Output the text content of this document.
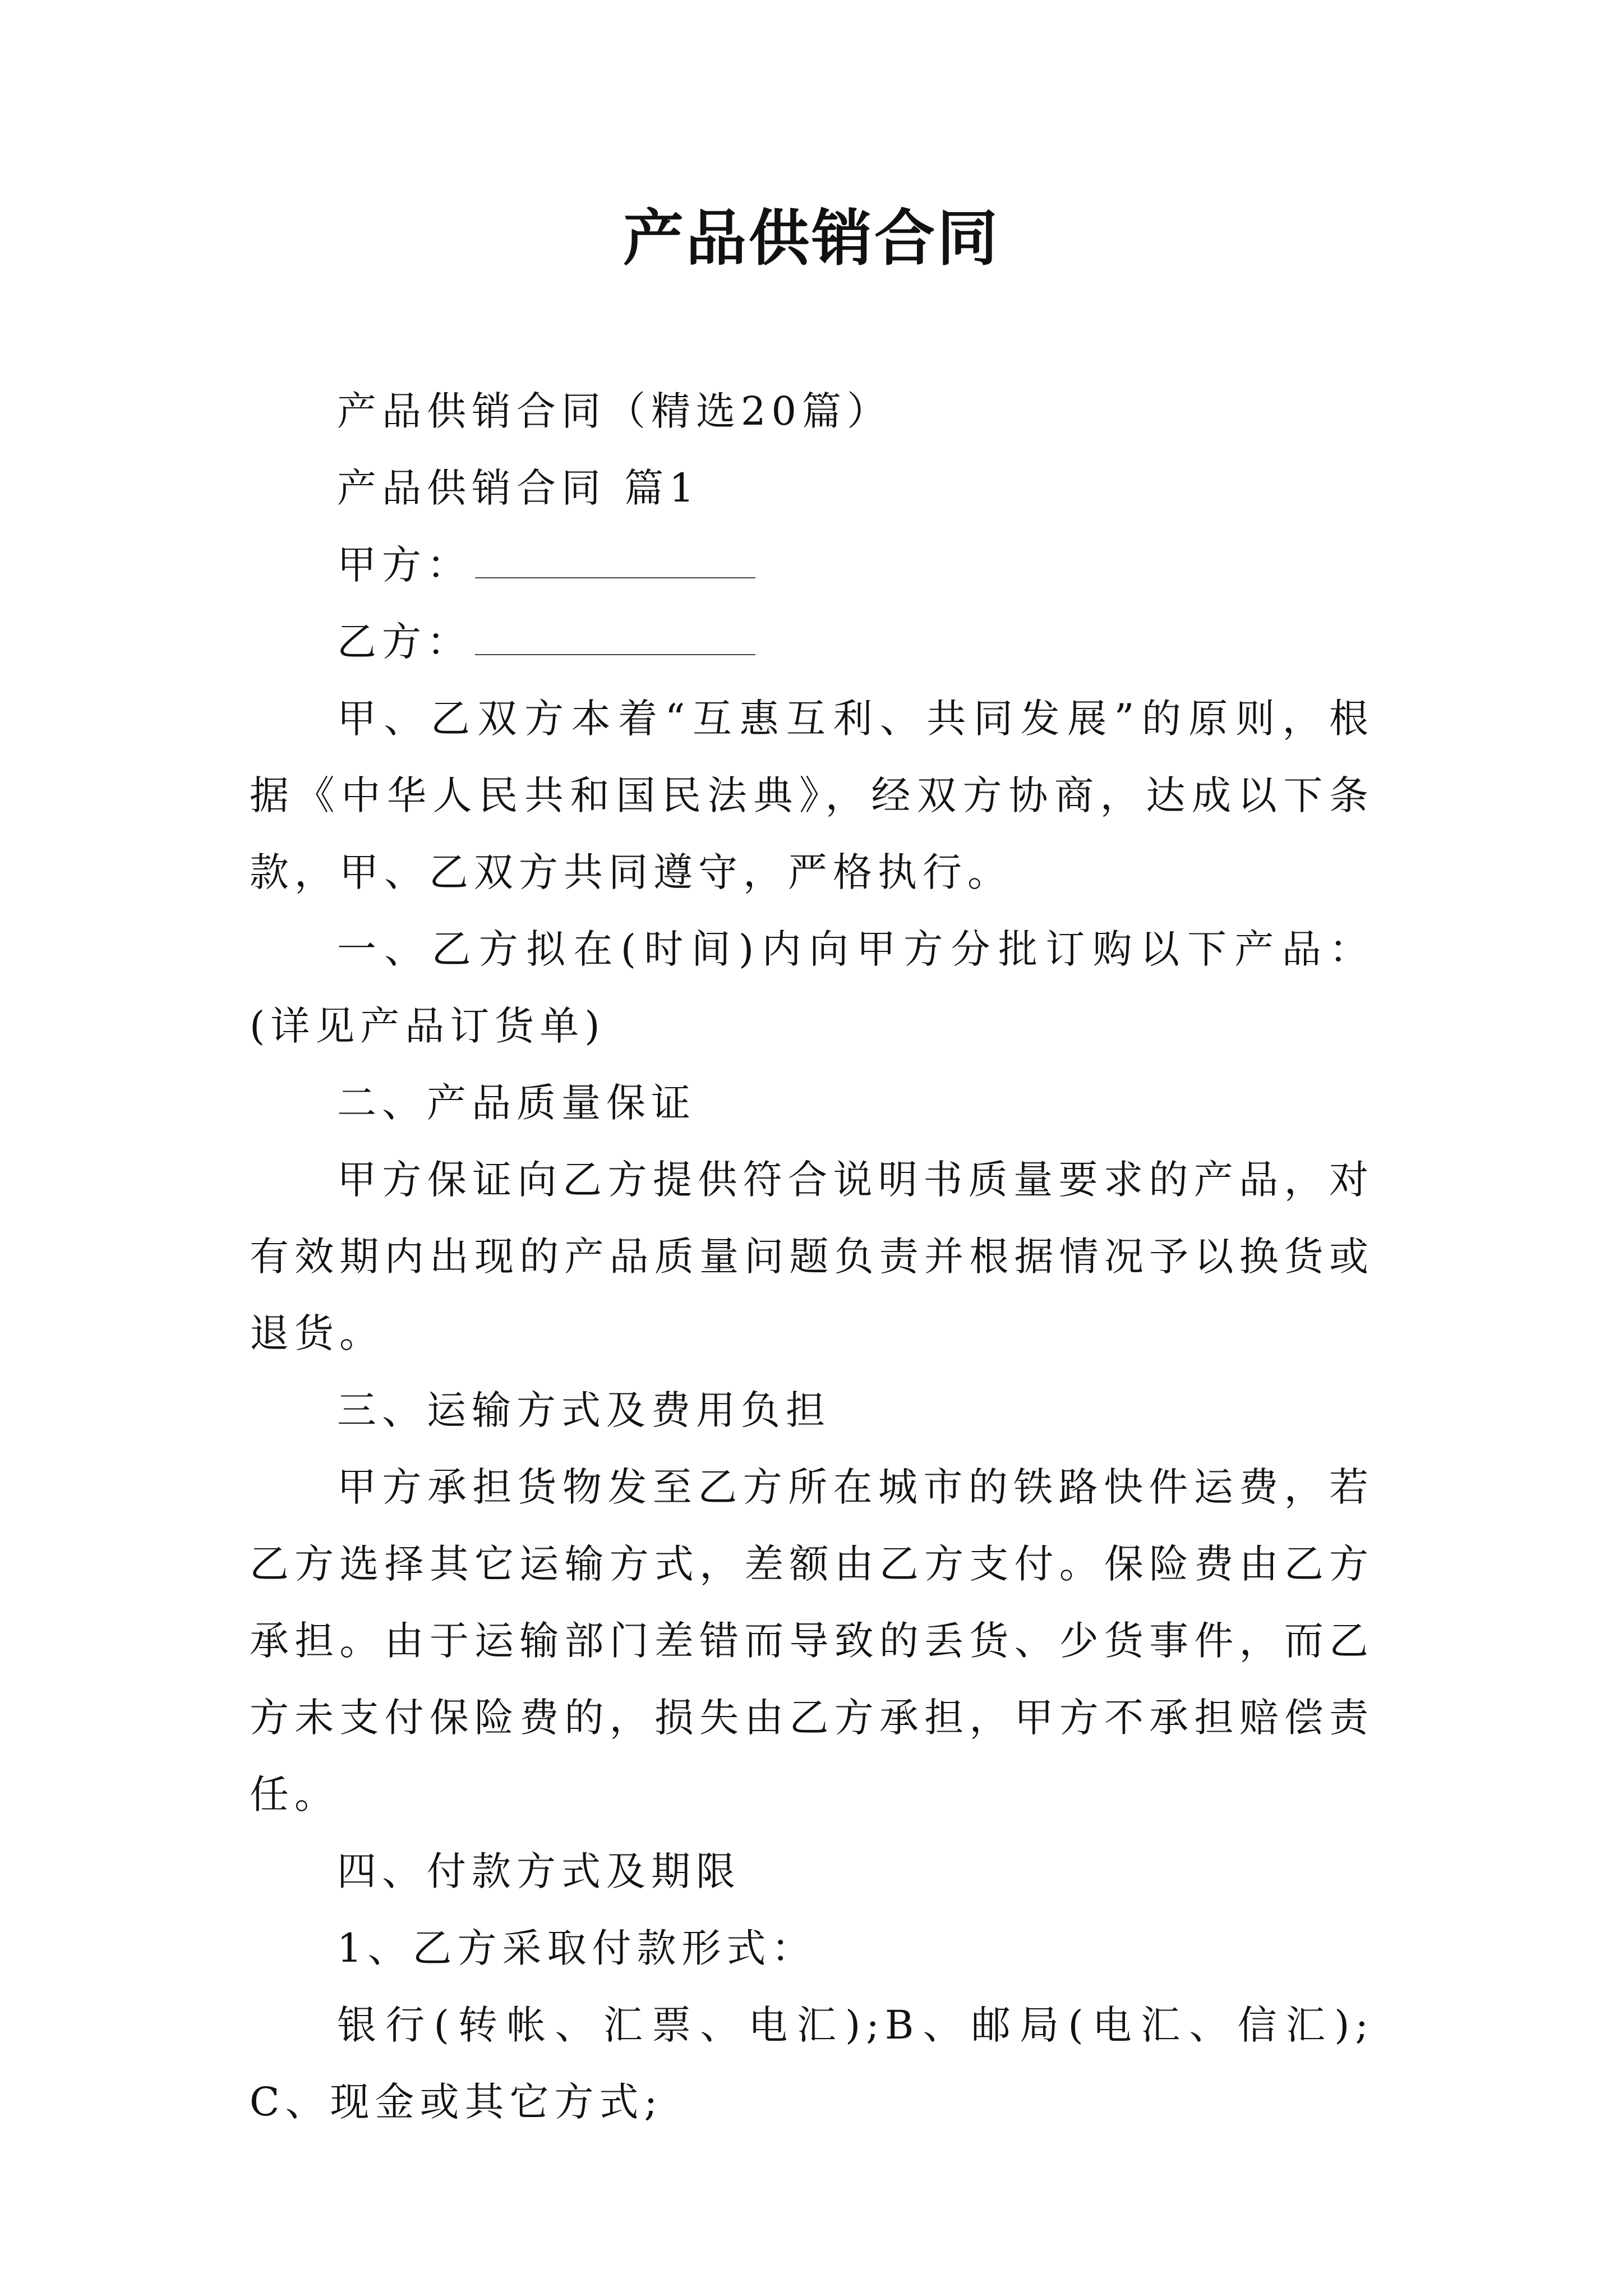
产品供销合同

产品供销合同（精选20篇）

产品供销合同 篇1

甲方：

乙方：

甲、乙双方本着“互惠互利、共同发展”的原则，根据《中华人民共和国民法典》，经双方协商，达成以下条款，甲、乙双方共同遵守，严格执行。

一、乙方拟在(时间)内向甲方分批订购以下产品：(详见产品订货单)

二、产品质量保证

甲方保证向乙方提供符合说明书质量要求的产品，对有效期内出现的产品质量问题负责并根据情况予以换货或退货。

三、运输方式及费用负担

甲方承担货物发至乙方所在城市的铁路快件运费，若乙方选择其它运输方式，差额由乙方支付。保险费由乙方承担。由于运输部门差错而导致的丢货、少货事件，而乙方未支付保险费的，损失由乙方承担，甲方不承担赔偿责任。

四、付款方式及期限

1、乙方采取付款形式：

银行(转帐、汇票、电汇);B、邮局(电汇、信汇);C、现金或其它方式;
